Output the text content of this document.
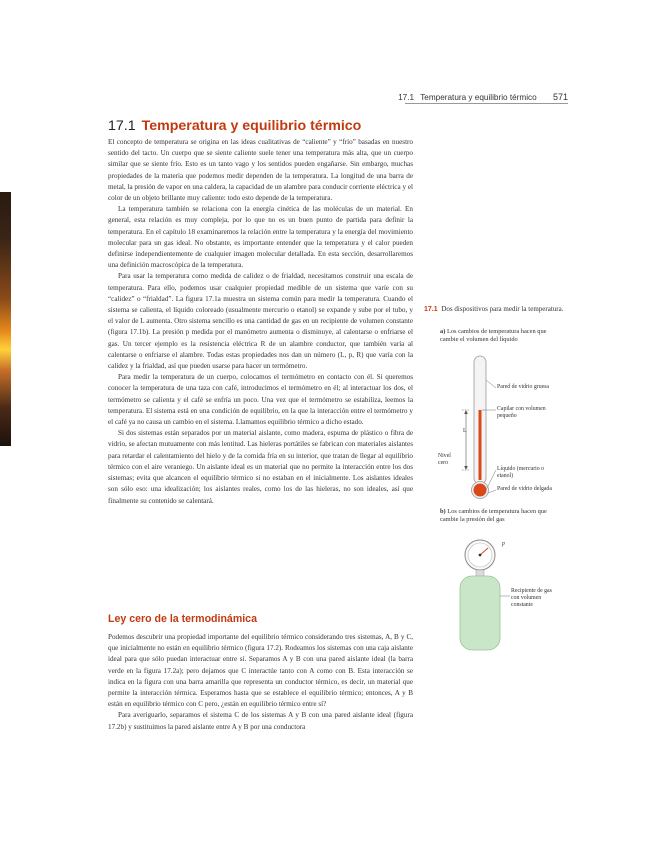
17.1 Temperatura y equilibrio térmico 571
17.1 Temperatura y equilibrio térmico

El concepto de temperatura se origina en las ideas cualitativas de “caliente” y “frío” basadas en nuestro sentido del tacto. Un cuerpo que se siente caliente suele tener una temperatura más alta, que un cuerpo similar que se siente frío. Esto es un tanto vago y los sentidos pueden engañarse. Sin embargo, muchas propiedades de la materia que podemos medir dependen de la temperatura. La longitud de una barra de metal, la presión de vapor en una caldera, la capacidad de un alambre para conducir corriente eléctrica y el color de un objeto brillante muy caliente: todo esto depende de la temperatura.

La temperatura también se relaciona con la energía cinética de las moléculas de un material. En general, esta relación es muy compleja, por lo que no es un buen punto de partida para definir la temperatura. En el capítulo 18 examinaremos la relación entre la temperatura y la energía del movimiento molecular para un gas ideal. No obstante, es importante entender que la temperatura y el calor pueden definirse independientemente de cualquier imagen molecular detallada. En esta sección, desarrollaremos una definición macroscópica de la temperatura.

Para usar la temperatura como medida de calidez o de frialdad, necesitamos construir una escala de temperatura. Para ello, podemos usar cualquier propiedad medible de un sistema que varíe con su “calidez” o “frialdad”. La figura 17.1a muestra un sistema común para medir la temperatura. Cuando el sistema se calienta, el líquido coloreado (usualmente mercurio o etanol) se expande y sube por el tubo, y el valor de L aumenta. Otro sistema sencillo es una cantidad de gas en un recipiente de volumen constante (figura 17.1b). La presión p medida por el manómetro aumenta o disminuye, al calentarse o enfriarse el gas. Un tercer ejemplo es la resistencia eléctrica R de un alambre conductor, que también varía al calentarse o enfriarse el alambre. Todas estas propiedades nos dan un número (L, p, R) que varía con la calidez y la frialdad, así que pueden usarse para hacer un termómetro.

Para medir la temperatura de un cuerpo, colocamos el termómetro en contacto con él. Si queremos conocer la temperatura de una taza con café, introducimos el termómetro en él; al interactuar los dos, el termómetro se calienta y el café se enfría un poco. Una vez que el termómetro se estabiliza, leemos la temperatura. El sistema está en una condición de equilibrio, en la que la interacción entre el termómetro y el café ya no causa un cambio en el sistema. Llamamos equilibrio térmico a dicho estado.

Si dos sistemas están separados por un material aislante, como madera, espuma de plástico o fibra de vidrio, se afectan mutuamente con más lentitud. Las hieleras portátiles se fabrican con materiales aislantes para retardar el calentamiento del hielo y de la comida fría en su interior, que tratan de llegar al equilibrio térmico con el aire veraniego. Un aislante ideal es un material que no permite la interacción entre los dos sistemas; evita que alcancen el equilibrio térmico si no estaban en el inicialmente. Los aislantes ideales son sólo eso: una idealización; los aislantes reales, como los de las hieleras, no son ideales, así que finalmente su contenido se calentará.

Ley cero de la termodinámica

Podemos descubrir una propiedad importante del equilibrio térmico considerando tres sistemas, A, B y C, que inicialmente no están en equilibrio térmico (figura 17.2). Rodeamos los sistemas con una caja aislante ideal para que sólo puedan interactuar entre sí. Separamos A y B con una pared aislante ideal (la barra verde en la figura 17.2a); pero dejamos que C interactúe tanto con A como con B. Esta interacción se indica en la figura con una barra amarilla que representa un conductor térmico, es decir, un material que permite la interacción térmica. Esperamos hasta que se establece el equilibrio térmico; entonces, A y B están en equilibrio térmico con C pero, ¿están en equilibrio térmico entre sí?

Para averiguarlo, separamos el sistema C de los sistemas A y B con una pared aislante ideal (figura 17.2b) y sustituimos la pared aislante entre A y B por una conductora

17.1 Dos dispositivos para medir la temperatura.
a) Los cambios de temperatura hacen que cambie el volumen del líquido
Pared de vidrio gruesa
Capilar con volumen pequeño
L
Nivel cero
Líquido (mercurio o etanol)
Pared de vidrio delgada
b) Los cambios de temperatura hacen que cambie la presión del gas
p
Recipiente de gas con volumen constante
